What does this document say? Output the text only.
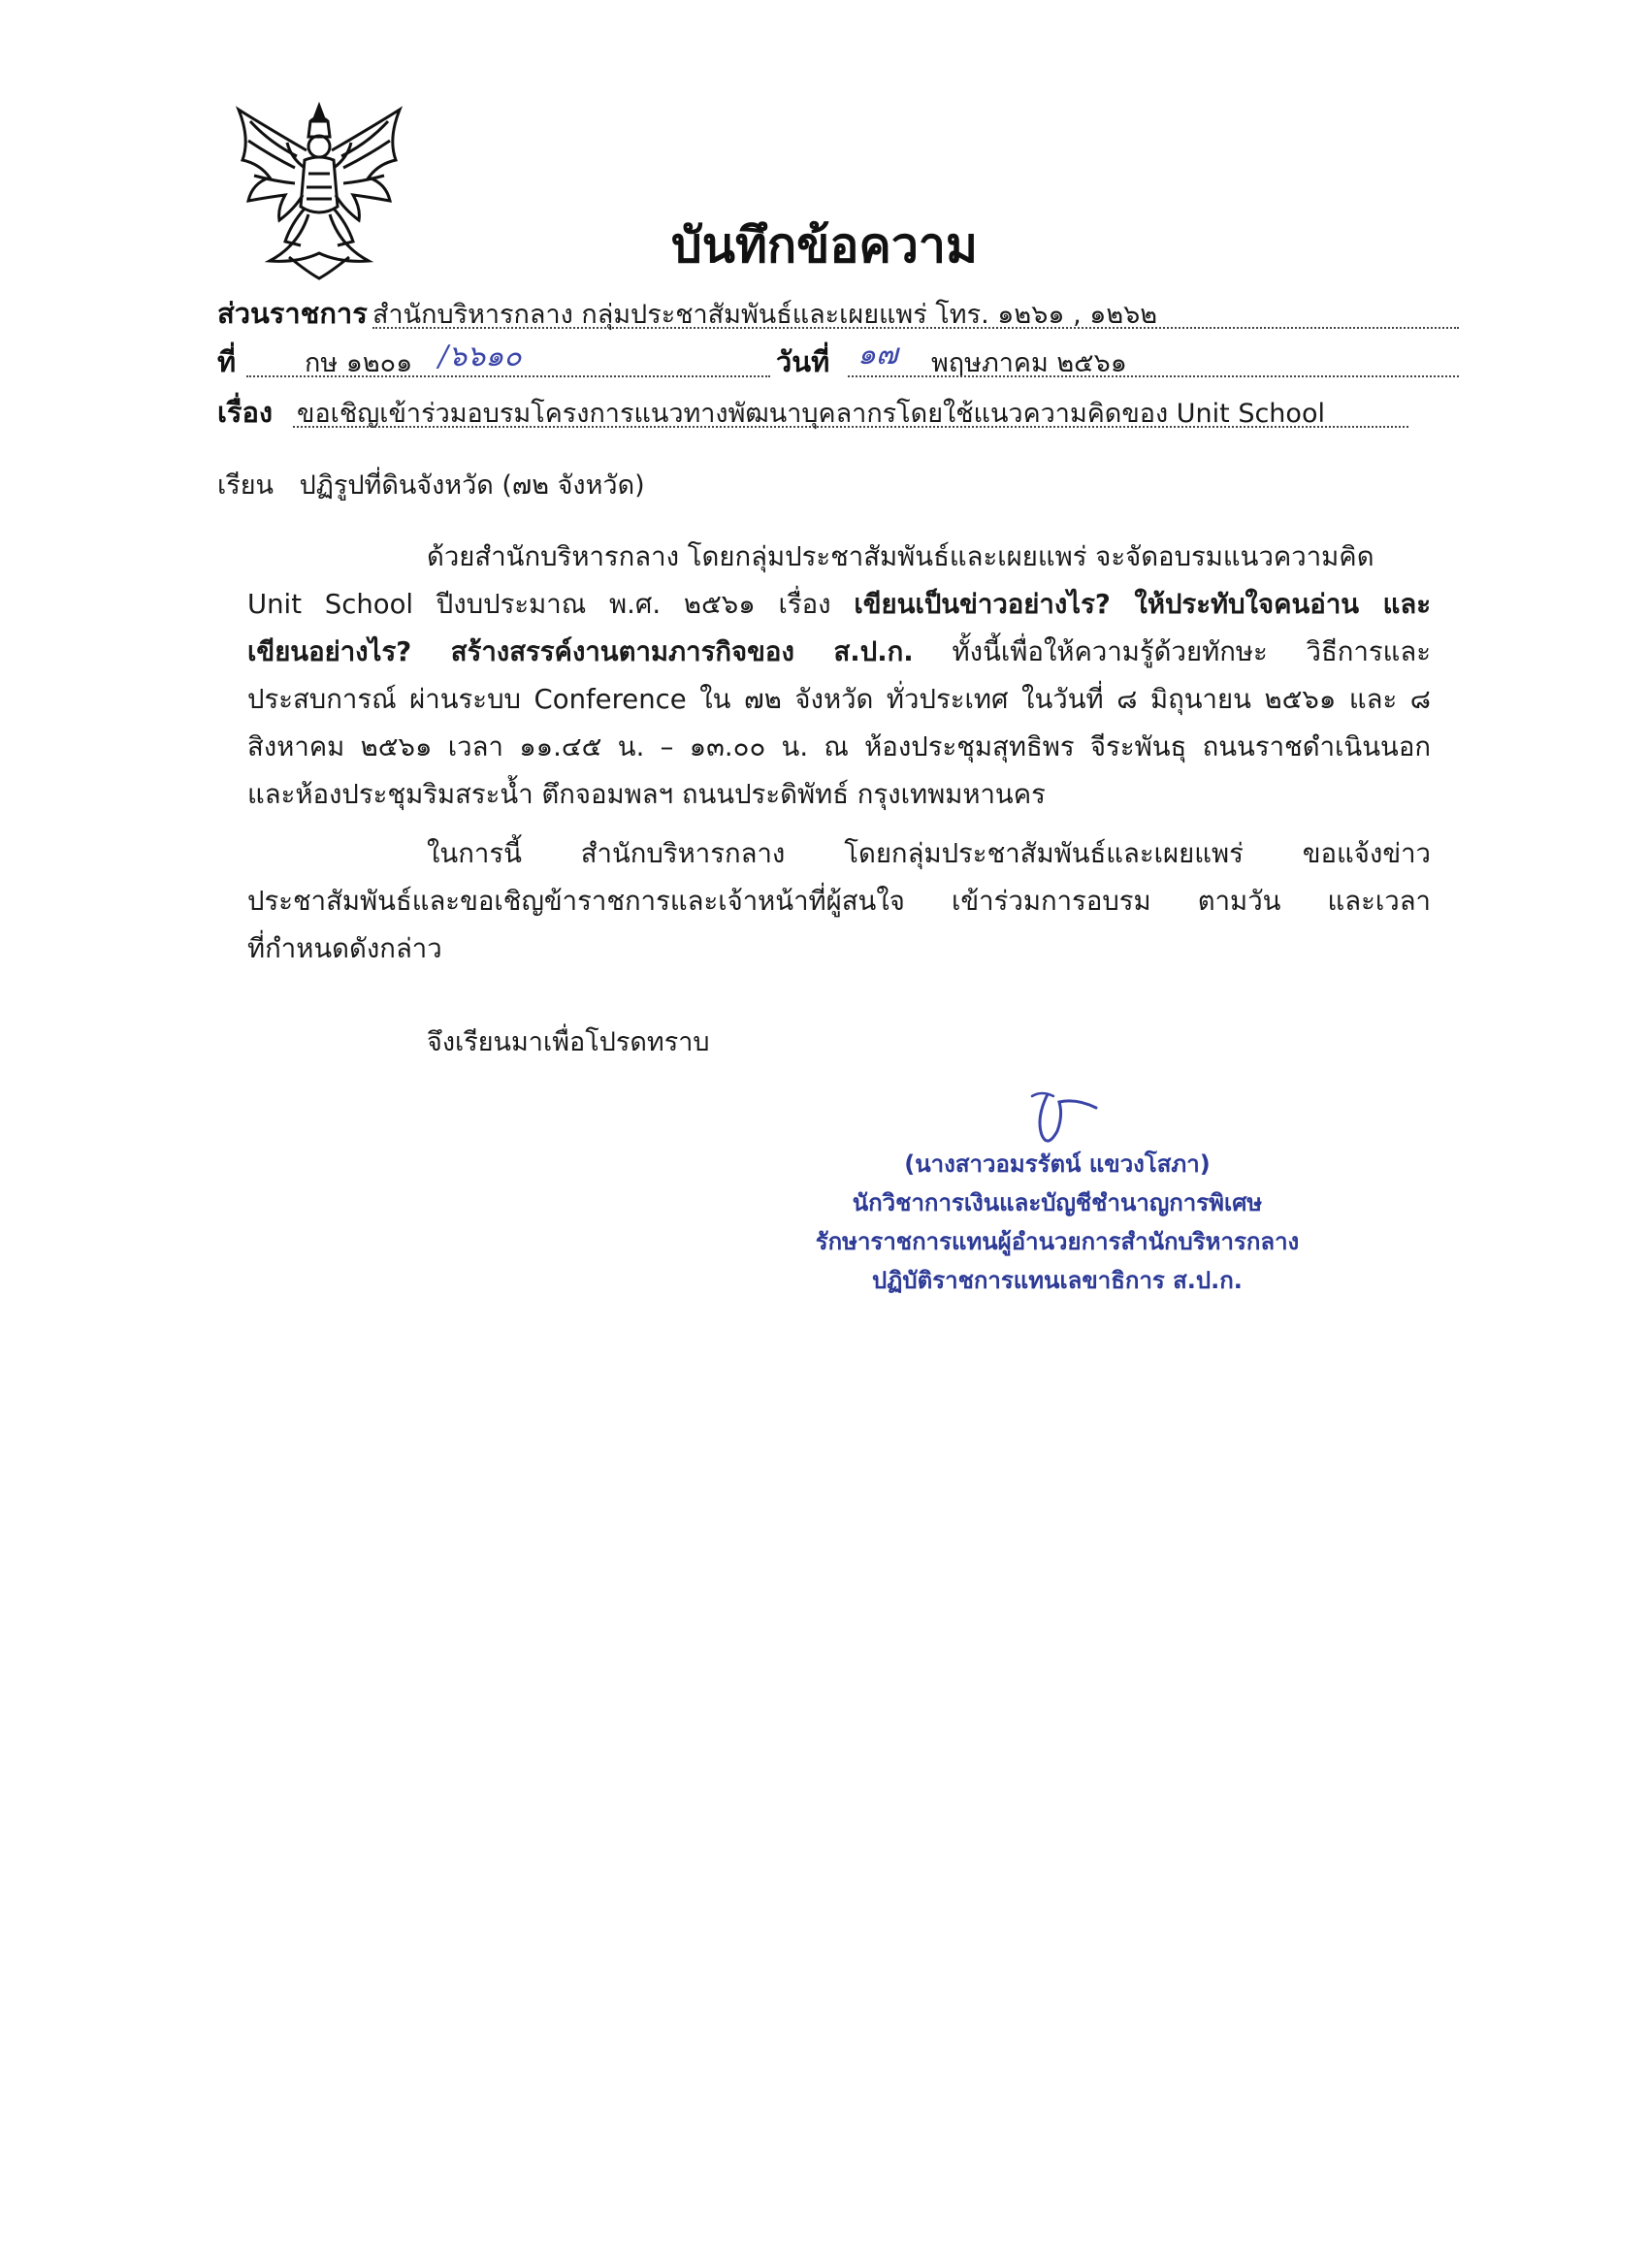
บันทึกข้อความ
ส่วนราชการ สำนักบริหารกลาง กลุ่มประชาสัมพันธ์และเผยแพร่ โทร. ๑๒๖๑ , ๑๒๖๒
ที่	กษ ๑๒๐๑ /๖๖๑๐	วันที่ ๑๗ พฤษภาคม ๒๕๖๑
เรื่อง ขอเชิญเข้าร่วมอบรมโครงการแนวทางพัฒนาบุคลากรโดยใช้แนวความคิดของ Unit School
เรียน ปฏิรูปที่ดินจังหวัด (๗๒ จังหวัด)
ด้วยสำนักบริหารกลาง โดยกลุ่มประชาสัมพันธ์และเผยแพร่ จะจัดอบรมแนวความคิด
Unit School ปีงบประมาณ พ.ศ. ๒๕๖๑ เรื่อง เขียนเป็นข่าวอย่างไร? ให้ประทับใจคนอ่าน และ
เขียนอย่างไร? สร้างสรรค์งานตามภารกิจของ ส.ป.ก. ทั้งนี้เพื่อให้ความรู้ด้วยทักษะ วิธีการและ
ประสบการณ์ ผ่านระบบ Conference ใน ๗๒ จังหวัด ทั่วประเทศ ในวันที่ ๘ มิถุนายน ๒๕๖๑ และ ๘
สิงหาคม ๒๕๖๑ เวลา ๑๑.๔๕ น. – ๑๓.๐๐ น. ณ ห้องประชุมสุทธิพร จีระพันธุ ถนนราชดำเนินนอก
และห้องประชุมริมสระน้ำ ตึกจอมพลฯ ถนนประดิพัทธ์ กรุงเทพมหานคร
ในการนี้ สำนักบริหารกลาง โดยกลุ่มประชาสัมพันธ์และเผยแพร่ ขอแจ้งข่าว
ประชาสัมพันธ์และขอเชิญข้าราชการและเจ้าหน้าที่ผู้สนใจ เข้าร่วมการอบรม ตามวัน และเวลา
ที่กำหนดดังกล่าว
จึงเรียนมาเพื่อโปรดทราบ
(นางสาวอมรรัตน์ แขวงโสภา)
นักวิชาการเงินและบัญชีชำนาญการพิเศษ
รักษาราชการแทนผู้อำนวยการสำนักบริหารกลาง
ปฏิบัติราชการแทนเลขาธิการ ส.ป.ก.
